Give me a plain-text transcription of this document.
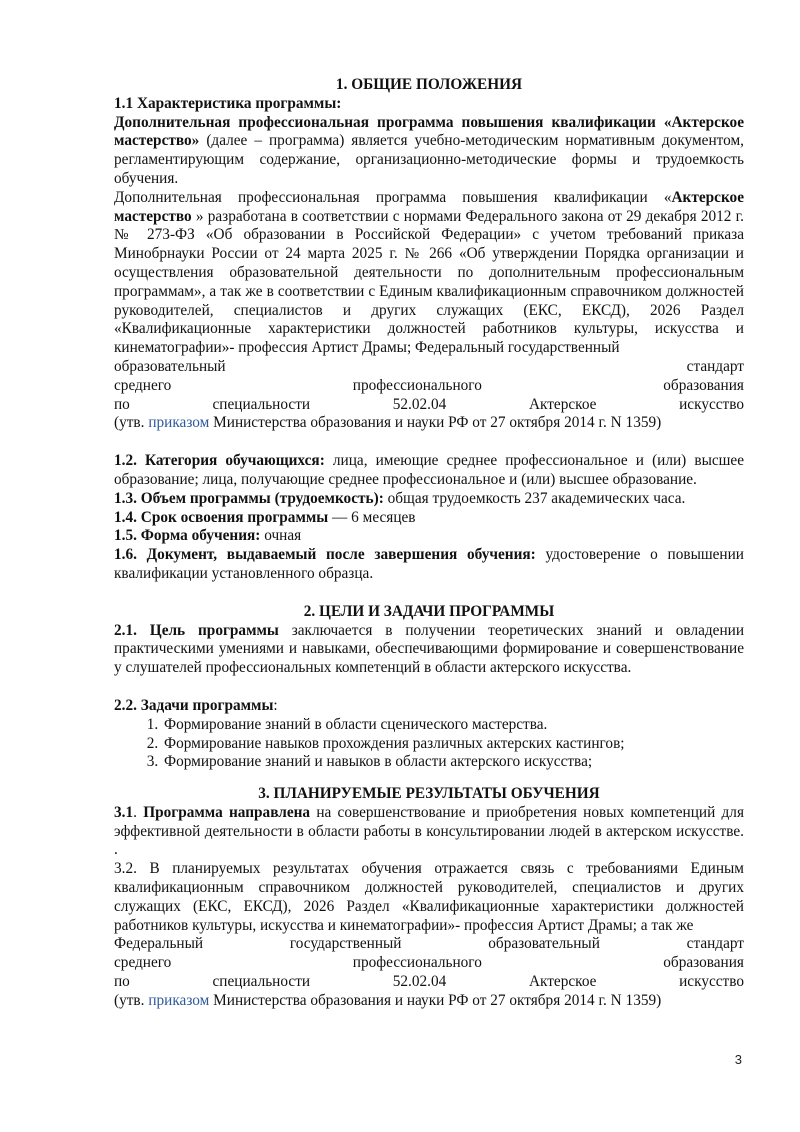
1. ОБЩИЕ ПОЛОЖЕНИЯ

1.1 Характеристика программы:

Дополнительная профессиональная программа повышения квалификации «Актерское мастерство» (далее – программа) является учебно-методическим нормативным документом, регламентирующим содержание, организационно-методические формы и трудоемкость обучения.

Дополнительная профессиональная программа повышения квалификации «Актерское мастерство » разработана в соответствии с нормами Федерального закона от 29 декабря 2012 г. № 273-ФЗ «Об образовании в Российской Федерации» с учетом требований приказа Минобрнауки России от 24 марта 2025 г. № 266 «Об утверждении Порядка организации и осуществления образовательной деятельности по дополнительным профессиональным программам», а так же в соответствии с Единым квалификационным справочником должностей руководителей, специалистов и других служащих (ЕКС, ЕКСД), 2026 Раздел «Квалификационные характеристики должностей работников культуры, искусства и кинематографии»- профессия Артист Драмы; Федеральный государственный

образовательный	стандарт
среднего	профессионального	образования
по	специальности	52.02.04	Актерское	искусство

(утв. приказом Министерства образования и науки РФ от 27 октября 2014 г. N 1359)

1.2. Категория обучающихся: лица, имеющие среднее профессиональное и (или) высшее образование; лица, получающие среднее профессиональное и (или) высшее образование.

1.3. Объем программы (трудоемкость): общая трудоемкость 237 академических часа.

1.4. Срок освоения программы — 6 месяцев

1.5. Форма обучения: очная

1.6. Документ, выдаваемый после завершения обучения: удостоверение о повышении квалификации установленного образца.

2. ЦЕЛИ И ЗАДАЧИ ПРОГРАММЫ

2.1. Цель программы заключается в получении теоретических знаний и овладении практическими умениями и навыками, обеспечивающими формирование и совершенствование у слушателей профессиональных компетенций в области актерского искусства.

2.2. Задачи программы:

1. Формирование знаний в области сценического мастерства.
2. Формирование навыков прохождения различных актерских кастингов;
3. Формирование знаний и навыков в области актерского искусства;

3. ПЛАНИРУЕМЫЕ РЕЗУЛЬТАТЫ ОБУЧЕНИЯ

3.1. Программа направлена на совершенствование и приобретения новых компетенций для эффективной деятельности в области работы в консультировании людей в актерском искусстве. .

3.2. В планируемых результатах обучения отражается связь с требованиями Единым квалификационным справочником должностей руководителей, специалистов и других служащих (ЕКС, ЕКСД), 2026 Раздел «Квалификационные характеристики должностей работников культуры, искусства и кинематографии»- профессия Артист Драмы; а так же

Федеральный	государственный	образовательный	стандарт
среднего	профессионального	образования
по	специальности	52.02.04	Актерское	искусство

(утв. приказом Министерства образования и науки РФ от 27 октября 2014 г. N 1359)

3
